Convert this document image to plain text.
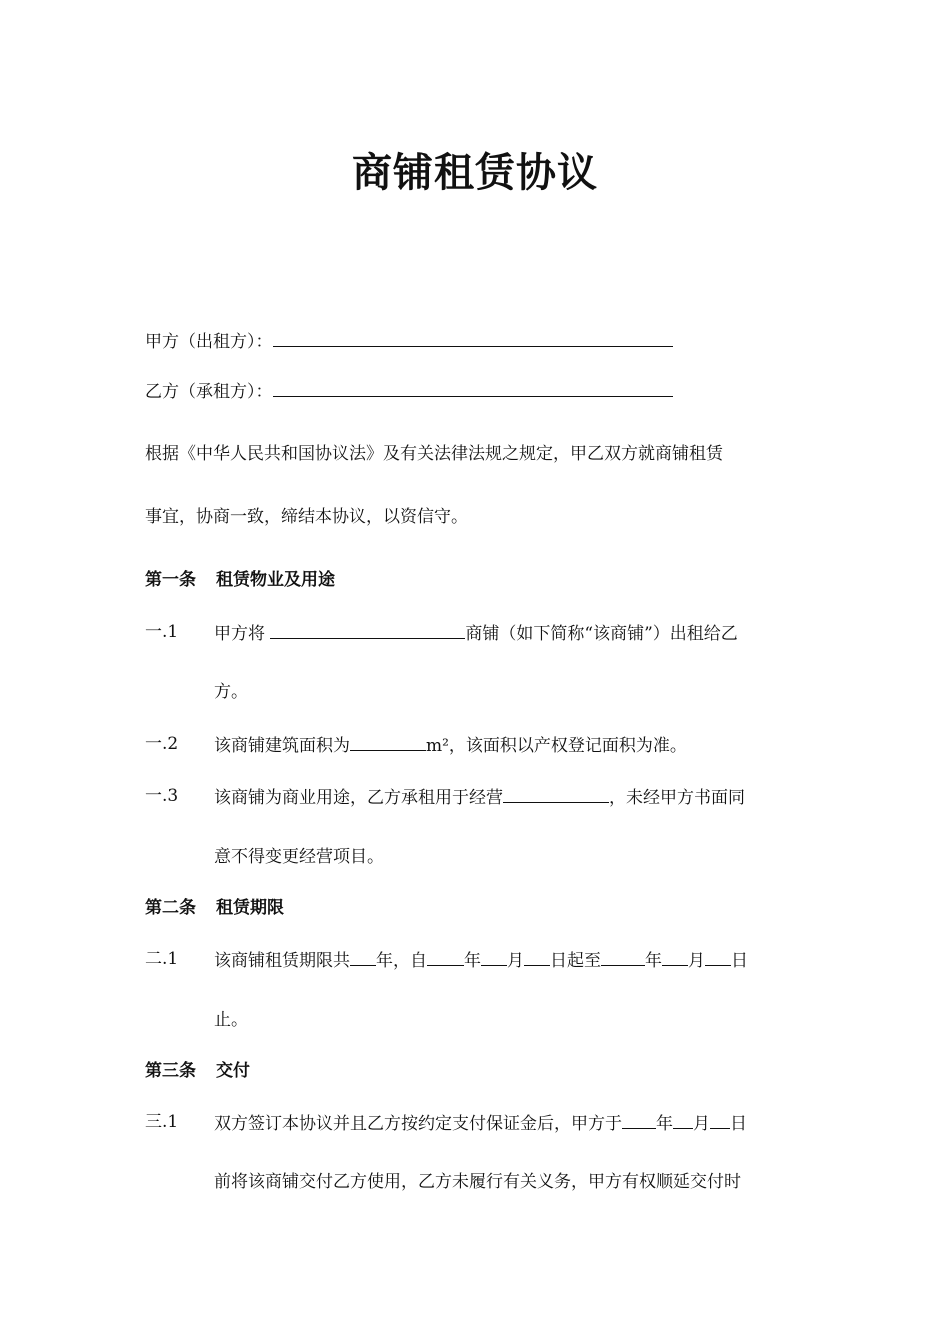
商铺租赁协议
甲方（出租方）：
乙方（承租方）：
根据《中华人民共和国协议法》及有关法律法规之规定，甲乙双方就商铺租赁
事宜，协商一致，缔结本协议，以资信守。
第一条 租赁物业及用途
一.1 甲方将	商铺（如下简称“该商铺”）出租给乙
方。
一.2 该商铺建筑面积为	m²，该面积以产权登记面积为准。
一.3 该商铺为商业用途，乙方承租用于经营	，未经甲方书面同
意不得变更经营项目。
第二条 租赁期限
二.1 该商铺租赁期限共 年，自 年 月 日起至	年 月 日
止。
第三条 交付
三.1 双方签订本协议并且乙方按约定支付保证金后，甲方于 年 月 日
前将该商铺交付乙方使用，乙方未履行有关义务，甲方有权顺延交付时
